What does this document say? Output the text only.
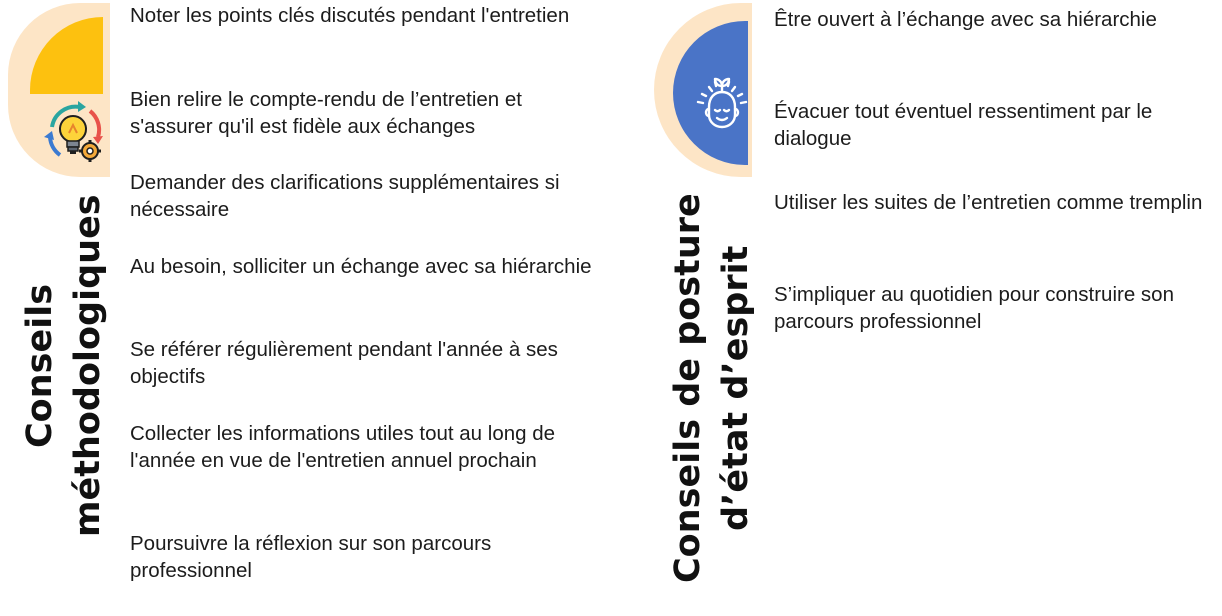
Conseils méthodologiques
Noter les points clés discutés pendant l'entretien
Bien relire le compte-rendu de l’entretien et s'assurer qu'il est fidèle aux échanges
Demander des clarifications supplémentaires si nécessaire
Au besoin, solliciter un échange avec sa hiérarchie
Se référer régulièrement pendant l'année à ses objectifs
Collecter les informations utiles tout au long de l'année en vue de l'entretien annuel prochain
Poursuivre la réflexion sur son parcours professionnel	Conseils de posture d’état d’esprit
Être ouvert à l’échange avec sa hiérarchie
Évacuer tout éventuel ressentiment par le dialogue
Utiliser les suites de l’entretien comme tremplin
S’impliquer au quotidien pour construire son parcours professionnel
